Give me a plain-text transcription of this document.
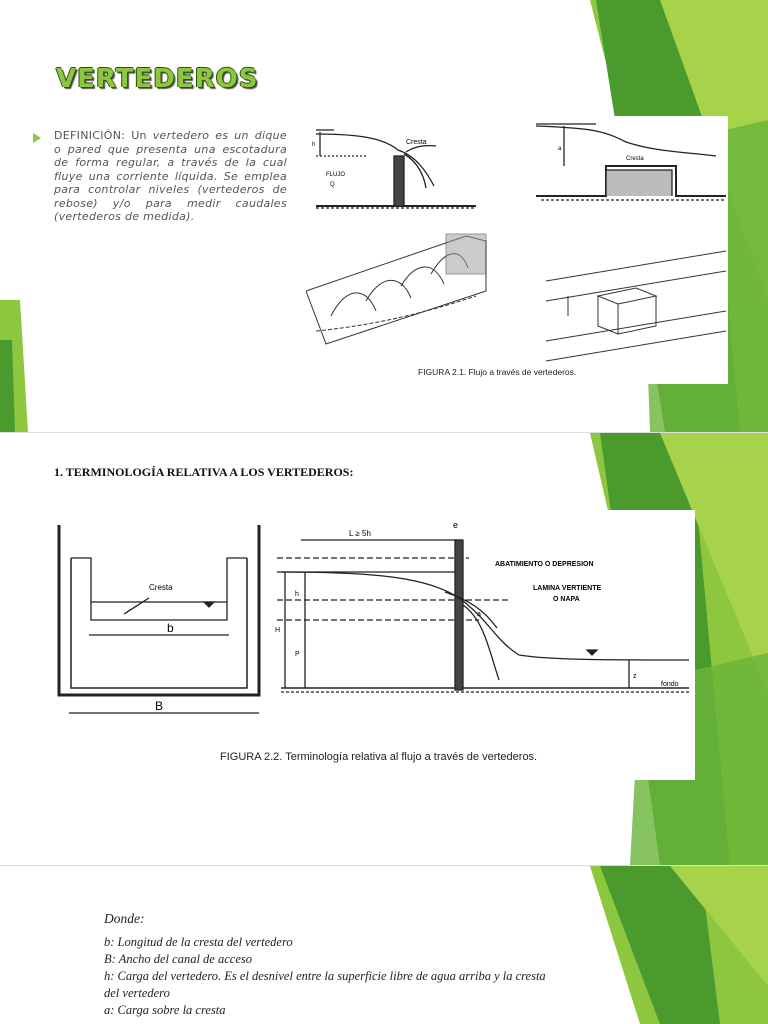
VERTEDEROS

DEFINICIÓN: Un vertedero es un dique o pared que presenta una escotadura de forma regular, a través de la cual fluye una corriente líquida. Se emplea para controlar niveles (vertederos de rebose) y/o para medir caudales (vertederos de medida).

Cresta
FLUJO
Q
h
Cresta
a
FIGURA 2.1. Flujo a través de vertederos.
1. TERMINOLOGÍA RELATIVA A LOS VERTEDEROS:
Cresta
b
B
L ≥ 5h
e
ABATIMIENTO O DEPRESION
LAMINA VERTIENTE
O NAPA
h
H
P
a
z
fondo
FIGURA 2.2. Terminología relativa al flujo a través de vertederos.
Donde:
b: Longitud de la cresta del vertedero
B: Ancho del canal de acceso
h: Carga del vertedero. Es el desnivel entre la superficie libre de agua arriba y la cresta
del vertedero
a: Carga sobre la cresta
